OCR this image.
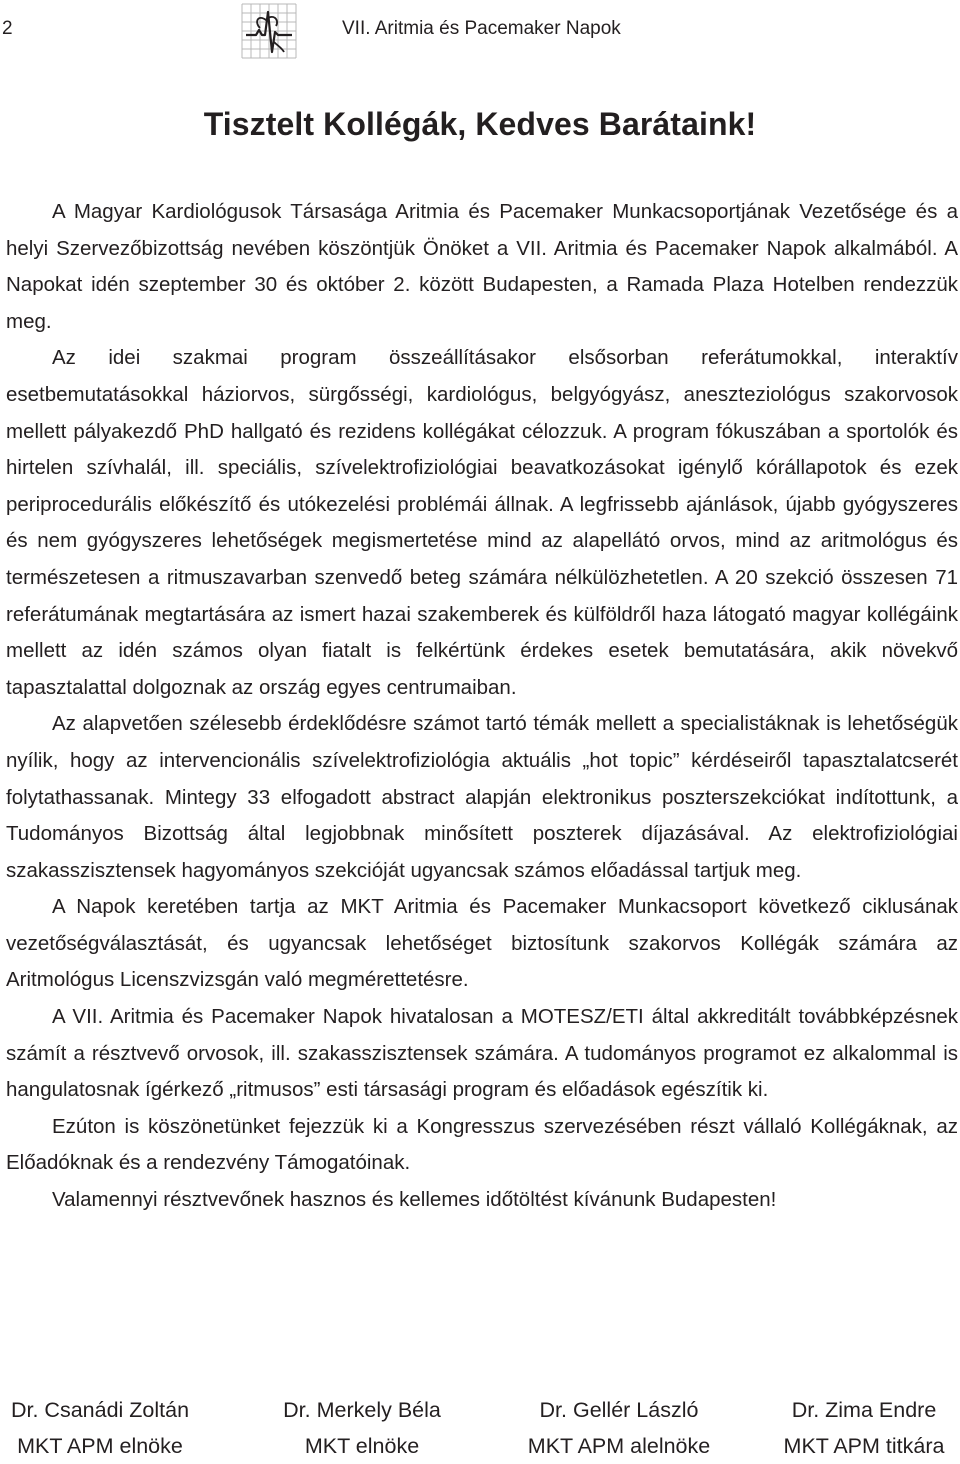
2	VII. Aritmia és Pacemaker Napok
Tisztelt Kollégák, Kedves Barátaink!

A Magyar Kardiológusok Társasága Aritmia és Pacemaker Munkacsoportjának Vezetősége és a helyi Szervezőbizottság nevében köszöntjük Önöket a VII. Aritmia és Pacemaker Napok alkalmából. A Napokat idén szeptember 30 és október 2. között Budapesten, a Ramada Plaza Hotelben rendezzük meg.

Az idei szakmai program összeállításakor elsősorban referátumokkal, interaktív esetbemutatásokkal háziorvos, sürgősségi, kardiológus, belgyógyász, aneszteziológus szakorvosok mellett pályakezdő PhD hallgató és rezidens kollégákat célozzuk. A program fókuszában a sportolók és hirtelen szívhalál, ill. speciális, szívelektrofiziológiai beavatkozásokat igénylő kórállapotok és ezek periprocedurális előkészítő és utókezelési problémái állnak. A legfrissebb ajánlások, újabb gyógyszeres és nem gyógyszeres lehetőségek megismertetése mind az alapellátó orvos, mind az aritmológus és természetesen a ritmuszavarban szenvedő beteg számára nélkülözhetetlen. A 20 szekció összesen 71 referátumának megtartására az ismert hazai szakemberek és külföldről haza látogató magyar kollégáink mellett az idén számos olyan fiatalt is felkértünk érdekes esetek bemutatására, akik növekvő tapasztalattal dolgoznak az ország egyes centrumaiban.

Az alapvetően szélesebb érdeklődésre számot tartó témák mellett a specialistáknak is lehetőségük nyílik, hogy az intervencionális szívelektrofiziológia aktuális „hot topic” kérdéseiről tapasztalatcserét folytathassanak. Mintegy 33 elfogadott abstract alapján elektronikus poszterszekciókat indítottunk, a Tudományos Bizottság által legjobbnak minősített poszterek díjazásával. Az elektrofiziológiai szakasszisztensek hagyományos szekcióját ugyancsak számos előadással tartjuk meg.

A Napok keretében tartja az MKT Aritmia és Pacemaker Munkacsoport következő ciklusának vezetőségválasztását, és ugyancsak lehetőséget biztosítunk szakorvos Kollégák számára az Aritmológus Licenszvizsgán való megmérettetésre.

A VII. Aritmia és Pacemaker Napok hivatalosan a MOTESZ/ETI által akkreditált továbbképzésnek számít a résztvevő orvosok, ill. szakasszisztensek számára. A tudományos programot ez alkalommal is hangulatosnak ígérkező „ritmusos” esti társasági program és előadások egészítik ki.

Ezúton is köszönetünket fejezzük ki a Kongresszus szervezésében részt vállaló Kollégáknak, az Előadóknak és a rendezvény Támogatóinak.

Valamennyi résztvevőnek hasznos és kellemes időtöltést kívánunk Budapesten!

Dr. Csanádi Zoltán
MKT APM elnöke
Dr. Merkely Béla
MKT elnöke
Dr. Gellér László
MKT APM alelnöke
Dr. Zima Endre
MKT APM titkára
